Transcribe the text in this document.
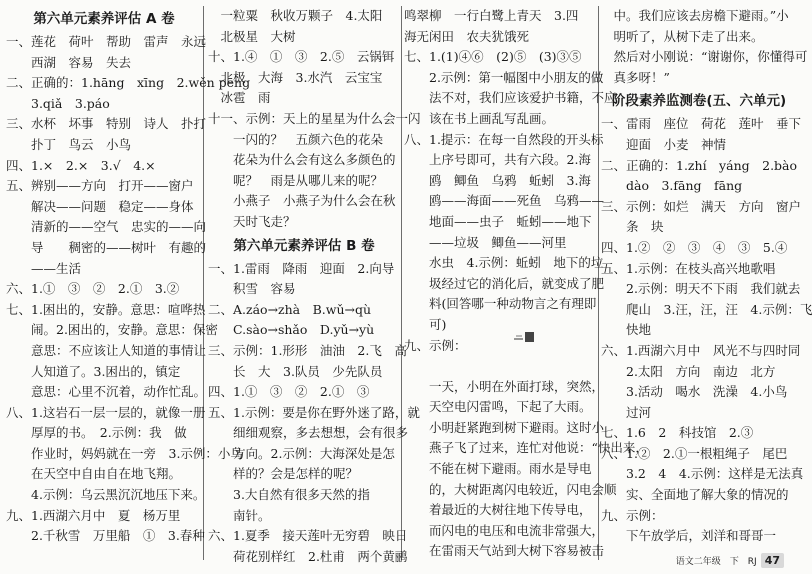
第六单元素养评估 A 卷
一、莲花　荷叶　帮助　雷声　永远
　　西湖　容易　失去
二、正确的：1.hāng　xīng　2.wěn pēng
　　3.qiǎ　3.páo
三、水杯　坏事　特别　诗人　扑打
　　扑丁　鸟云　小鸟
四、1.×　2.×　3.√　4.×
五、辨别——方向　打开——窗户
　　解决——问题　稳定——身体
　　清新的——空气　忠实的——向
　　导　　稠密的——树叶　有趣的
　　——生活
六、1.①　③　②　2.①　3.②
七、1.困出的，安静。意思：喧哗热
　　闹。2.困出的，安静。意思：保密
　　意思：不应该让人知道的事情让
　　人知道了。3.困出的，镇定
　　意思：心里不沉着，动作忙乱。
八、1.这岩石一层一层的，就像一册
　　厚厚的书。　2.示例：我　做
　　作业时，妈妈就在一旁　3.示例：小鸟
　　在天空中自由自在地飞翔。
　　4.示例：乌云黑沉沉地压下来。
九、1.西湖六月中　夏　杨万里
　　2.千秋雪　万里船　①　3.春种
　一粒粟　秋收万颗子　4.太阳
　北极星　大树
十、1.④　①　③　2.⑤　云锅铒
　北极　大海　3.水汽　云宝宝
　冰雹　雨
十一、示例：天上的星星为什么会一闪
　　一闪的？　五颜六色的花朵
　　花朵为什么会有这么多颜色的
　　呢？　雨是从哪儿来的呢？
　　小燕子　小燕子为什么会在秋
　　天时飞走？
第六单元素养评估 B 卷
一、1.雷雨　降雨　迎面　2.向导
　　积雪　容易
二、A.záo→zhà　B.wǔ→qù
　　C.sào→shǎo　D.yǔ→yù
三、示例：1.形形　油油　2.飞　高
　　长　大　3.队员　少先队员
四、1.①　③　②　2.①　③
五、1.示例：要是你在野外迷了路，就
　　细细观察，多去想想，会有很多
　　方向。2.示例：大海深处是怎
　　样的？会是怎样的呢？
　　3.大自然有很多天然的指
　　南针。
六、1.夏季　接天莲叶无穷碧　映日
　　荷花别样红　2.杜甫　两个黄鹂
鸣翠柳　一行白鹭上青天　3.四
海无闲田　农夫犹饿死
七、1.(1)④⑥　(2)⑤　(3)③⑤
　　2.示例：第一幅图中小朋友的做
　　法不对，我们应该爱护书籍，不应
　　该在书上画乱写乱画。
八、1.提示：在每一自然段的开头标
　　上序号即可，共有六段。2.海
　　鸥　鲫鱼　乌鸦　蚯蚓　3.海
　　鸥——海面——死鱼　乌鸦——
　　地面——虫子　蚯蚓——地下
　　——垃圾　鲫鱼——河里
　　水虫　4.示例：蚯蚓　地下的垃
　　圾经过它的消化后，就变成了肥
　　料(回答哪一种动物言之有理即
　　可)
九、示例：
　　一天，小明在外面打球，突然，
　　天空电闪雷鸣，下起了大雨。
　　小明赶紧跑到树下避雨。这时小
　　燕子飞了过来，连忙对他说：“快出来，
　　不能在树下避雨。雨水是导电
　　的，大树距离闪电较近，闪电会顺
　　着最近的大树往地下传导电，
　　而闪电的电压和电流非常强大，
　　在雷雨天气站到大树下容易被击
　中。我们应该去房檐下避雨。”小
　明听了，从树下走了出来。
　然后对小刚说：“谢谢你，你懂得可
　真多呀！”
阶段素养监测卷(五、六单元)
一、雷雨　座位　荷花　莲叶　垂下
　　迎面　小麦　神情
二、正确的：1.zhí　yáng　2.bào
　　dào　3.fāng　fāng
三、示例：如烂　满天　方向　窗户
　　条　块
四、1.②　②　③　④　③　5.④
五、1.示例：在枝头高兴地歌唱
　　2.示例：明天不下雨　我们就去
　　爬山　3.汪，汪，汪　4.示例：飞
　　快地
六、1.西湖六月中　风光不与四时同
　　2.太阳　方向　南边　北方
　　3.活动　喝水　洗澡　4.小鸟
　　过河
七、1.6　2　科技馆　2.③
八、1.②　2.①一根粗绳子　尾巴
　　3.2　4　4.示例：这样是无法真
　　实、全面地了解大象的情况的
九、示例：
　　下午放学后，刘洋和哥哥一
语文二年级　下　RJ 47
